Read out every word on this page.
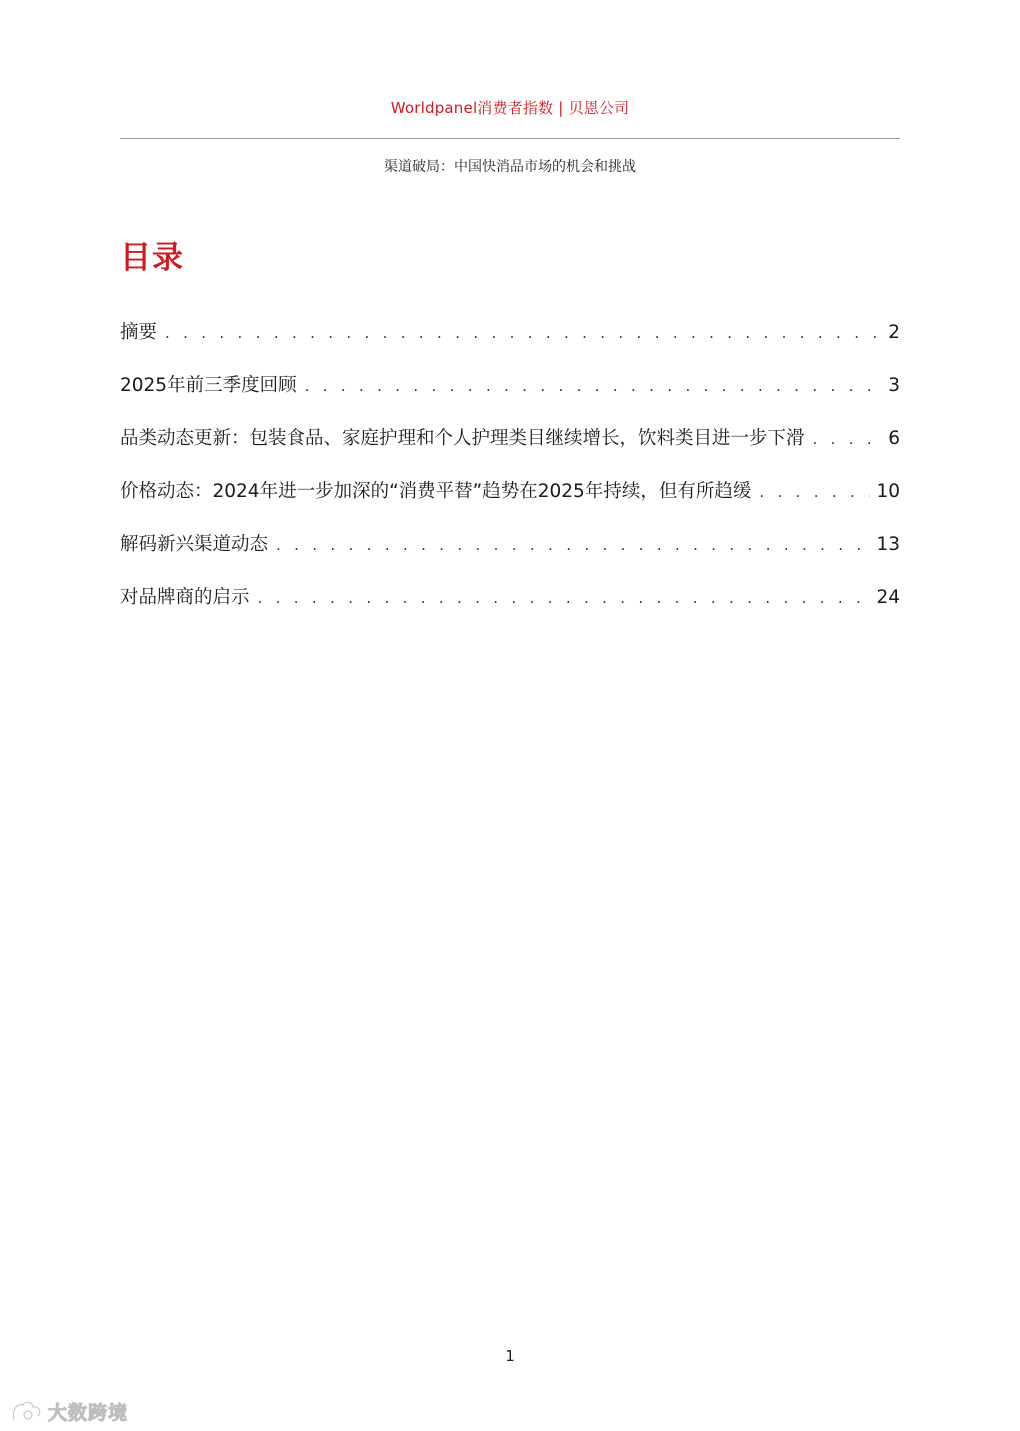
Worldpanel消费者指数 | 贝恩公司
渠道破局：中国快消品市场的机会和挑战
目录
摘要 . . .	2
2025年前三季度回顾 . . .	3
品类动态更新：包装食品、家庭护理和个人护理类目继续增长，饮料类目进一步下滑 . . .	6
价格动态：2024年进一步加深的“消费平替”趋势在2025年持续，但有所趋缓 . . .	10
解码新兴渠道动态 . . .	13
对品牌商的启示 . . .	24
1
大数跨境
